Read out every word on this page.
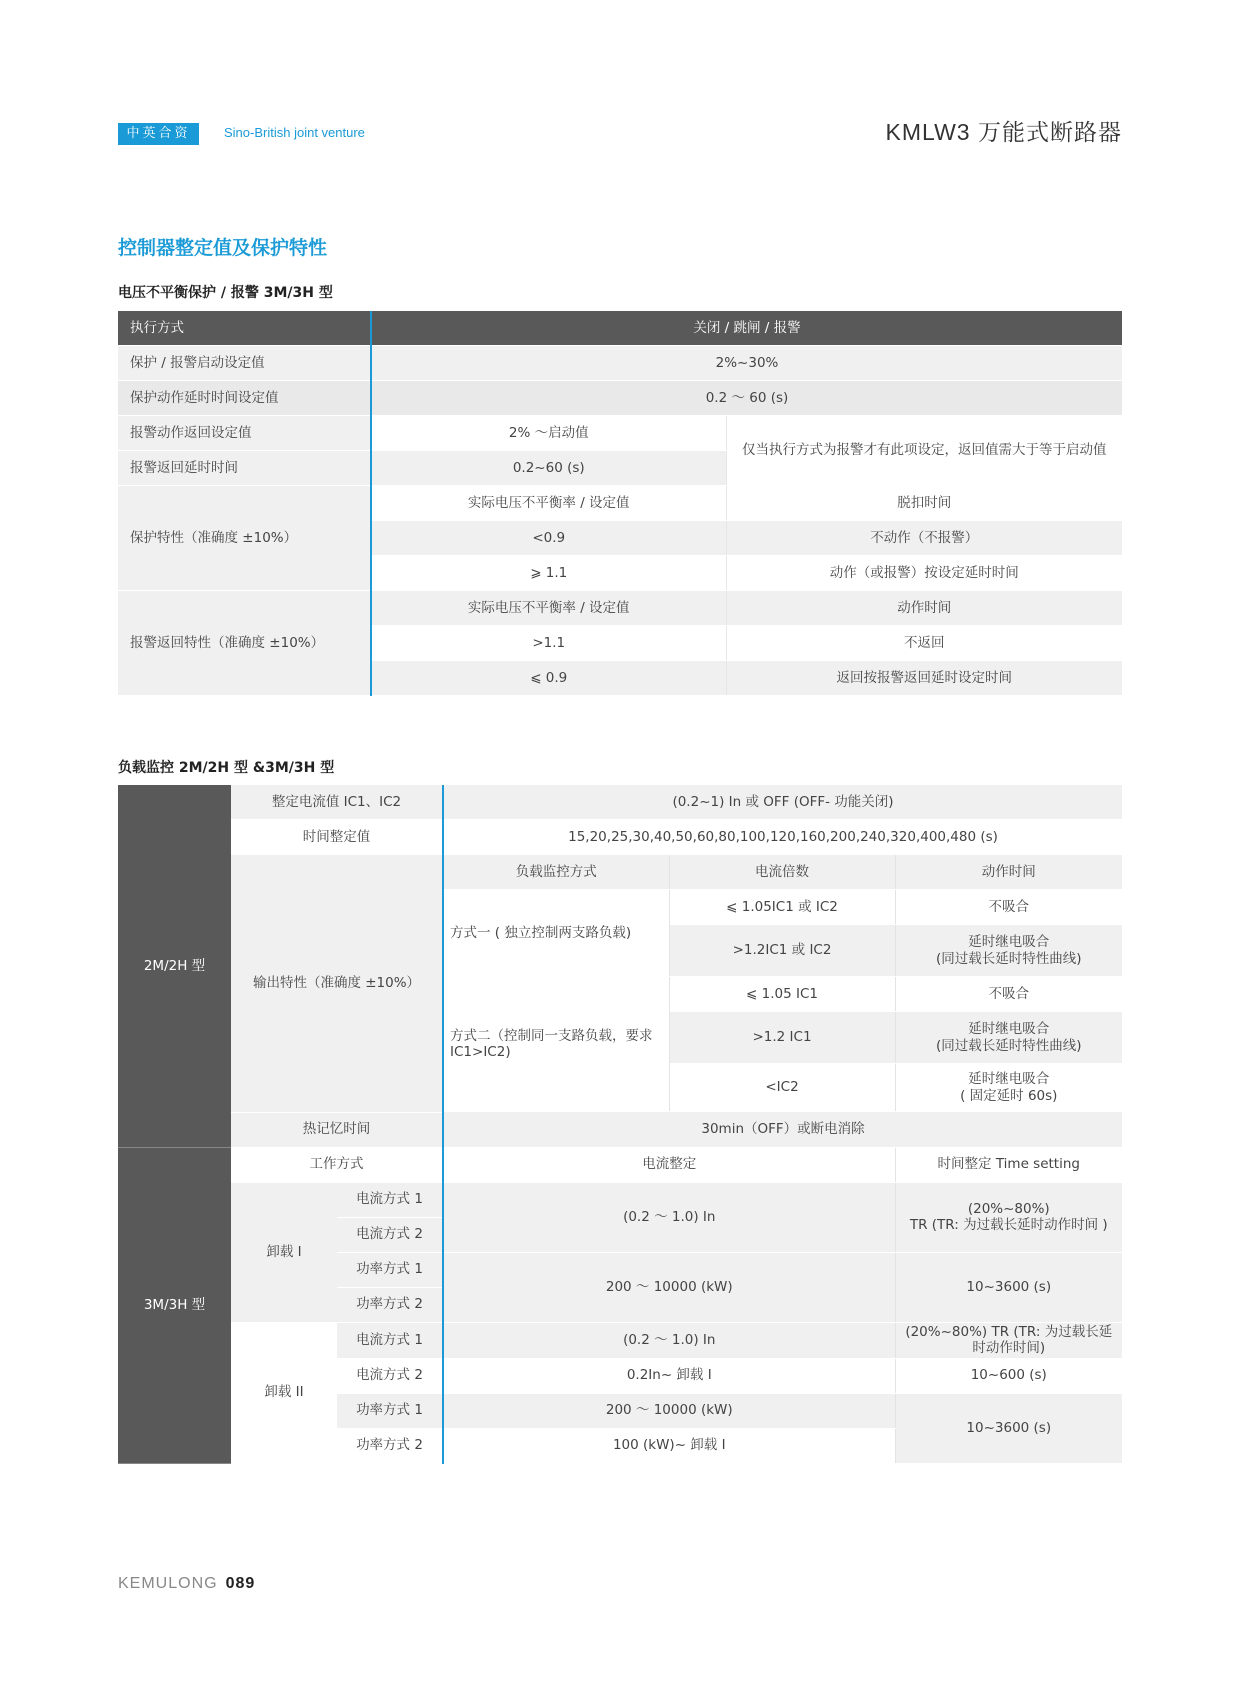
中英合资	Sino-British joint venture	KMLW3 万能式断路器
控制器整定值及保护特性
电压不平衡保护 / 报警 3M/3H 型
执行方式	关闭 / 跳闸 / 报警	
保护 / 报警启动设定值	2%~30%	
保护动作延时时间设定值	0.2 ～ 60 (s)	
报警动作返回设定值	2% ～启动值	仅当执行方式为报警才有此项设定，返回值需大于等于启动值
报警返回延时时间	0.2~60 (s)	
保护特性（准确度 ±10%）	实际电压不平衡率 / 设定值	脱扣时间
	<0.9	不动作（不报警）
	⩾ 1.1	动作（或报警）按设定延时时间
报警返回特性（准确度 ±10%）	实际电压不平衡率 / 设定值	动作时间
	>1.1	不返回
	⩽ 0.9	返回按报警返回延时设定时间
负载监控 2M/2H 型 &3M/3H 型
2M/2H 型	整定电流值 IC1、IC2		(0.2~1) In 或 OFF (OFF- 功能关闭)		
	时间整定值		15,20,25,30,40,50,60,80,100,120,160,200,240,320,400,480 (s)		
	输出特性（准确度 ±10%）		负载监控方式	电流倍数	动作时间
			方式一 ( 独立控制两支路负载)	⩽ 1.05IC1 或 IC2	不吸合
				>1.2IC1 或 IC2	延时继电吸合
(同过载长延时特性曲线)
			方式二（控制同一支路负载，要求 IC1>IC2)	⩽ 1.05 IC1	不吸合
				>1.2 IC1	延时继电吸合
(同过载长延时特性曲线)
				<IC2	延时继电吸合
( 固定延时 60s)

	热记忆时间		30min（OFF）或断电消除		
3M/3H 型	工作方式		电流整定		时间整定 Time setting
	卸载 I	电流方式 1	(0.2 ～ 1.0) In		(20%~80%)
TR (TR: 为过载长延时动作时间 )
		电流方式 2			
		功率方式 1	200 ～ 10000 (kW)		10~3600 (s)
		功率方式 2			
	卸载 II	电流方式 1	(0.2 ～ 1.0) In		(20%~80%) TR (TR: 为过载长延时动作时间)
		电流方式 2	0.2In~ 卸载 I		10~600 (s)
		功率方式 1	200 ～ 10000 (kW)		10~3600 (s)
		功率方式 2	100 (kW)~ 卸载 I		
KEMULONG 089
